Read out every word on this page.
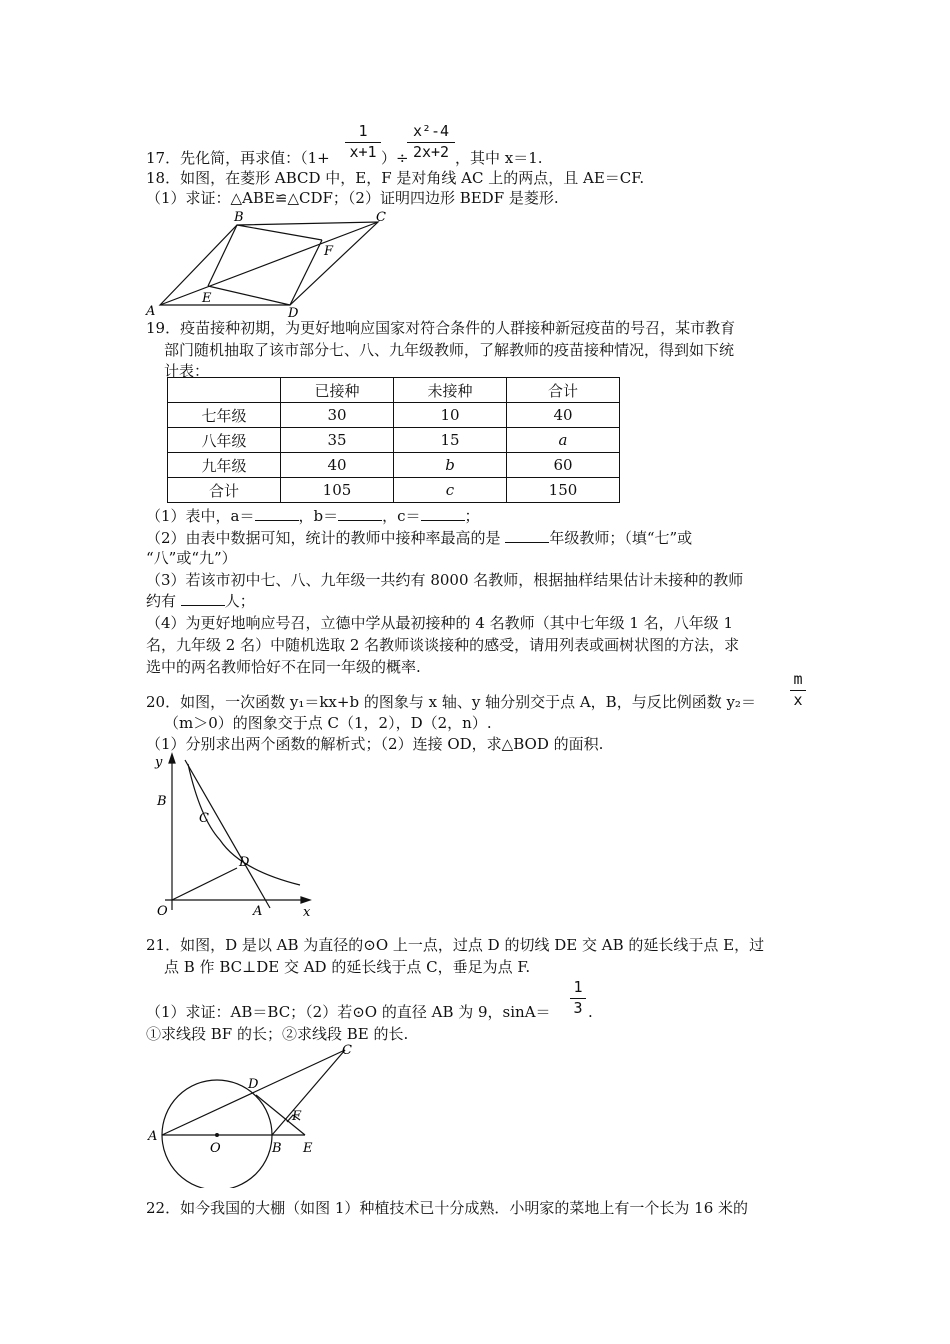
$\frac{1}{x+1} \frac{\text{x²-4}}{2x+2}$
17．先化简，再求值：（1+	）÷	，其中 x＝1.
18．如图，在菱形 ABCD 中，E，F 是对角线 AC 上的两点，且 AE＝CF.
（1）求证：△ABE≌△CDF；（2）证明四边形 BEDF 是菱形.
A
B	C
D
E
F
19．疫苗接种初期，为更好地响应国家对符合条件的人群接种新冠疫苗的号召，某市教育
部门随机抽取了该市部分七、八、九年级教师，了解教师的疫苗接种情况，得到如下统
计表：
	已接种	未接种	合计
七年级	30	10	40
八年级	35	15	a
九年级	40	b	60
合计	105	c	150
（1）表中，a＝	，b＝	，c＝	；
（2）由表中数据可知，统计的教师中接种率最高的是	年级教师；（填“七”或
“八”或“九”）
（3）若该市初中七、八、九年级一共约有 8000 名教师，根据抽样结果估计未接种的教师
约有	人；
（4）为更好地响应号召，立德中学从最初接种的 4 名教师（其中七年级 1 名，八年级 1
名，九年级 2 名）中随机选取 2 名教师谈谈接种的感受，请用列表或画树状图的方法，求
选中的两名教师恰好不在同一年级的概率.
$\frac{m}{x}$
20．如图，一次函数 y₁＝kx+b 的图象与 x 轴、y 轴分别交于点 A，B，与反比例函数 y₂＝
（m＞0）的图象交于点 C（1，2），D（2，n）.
（1）分别求出两个函数的解析式；（2）连接 OD，求△BOD 的面积.
y
x
O	A
B
C
D
21．如图，D 是以 AB 为直径的⊙O 上一点，过点 D 的切线 DE 交 AB 的延长线于点 E，过
点 B 作 BC⊥DE 交 AD 的延长线于点 C，垂足为点 F.
$\frac{1}{3}$
（1）求证：AB＝BC；（2）若⊙O 的直径 AB 为 9，sinA＝ .
①求线段 BF 的长；②求线段 BE 的长.
A
O	B E
D
F
C
22．如今我国的大棚（如图 1）种植技术已十分成熟．小明家的菜地上有一个长为 16 米的
